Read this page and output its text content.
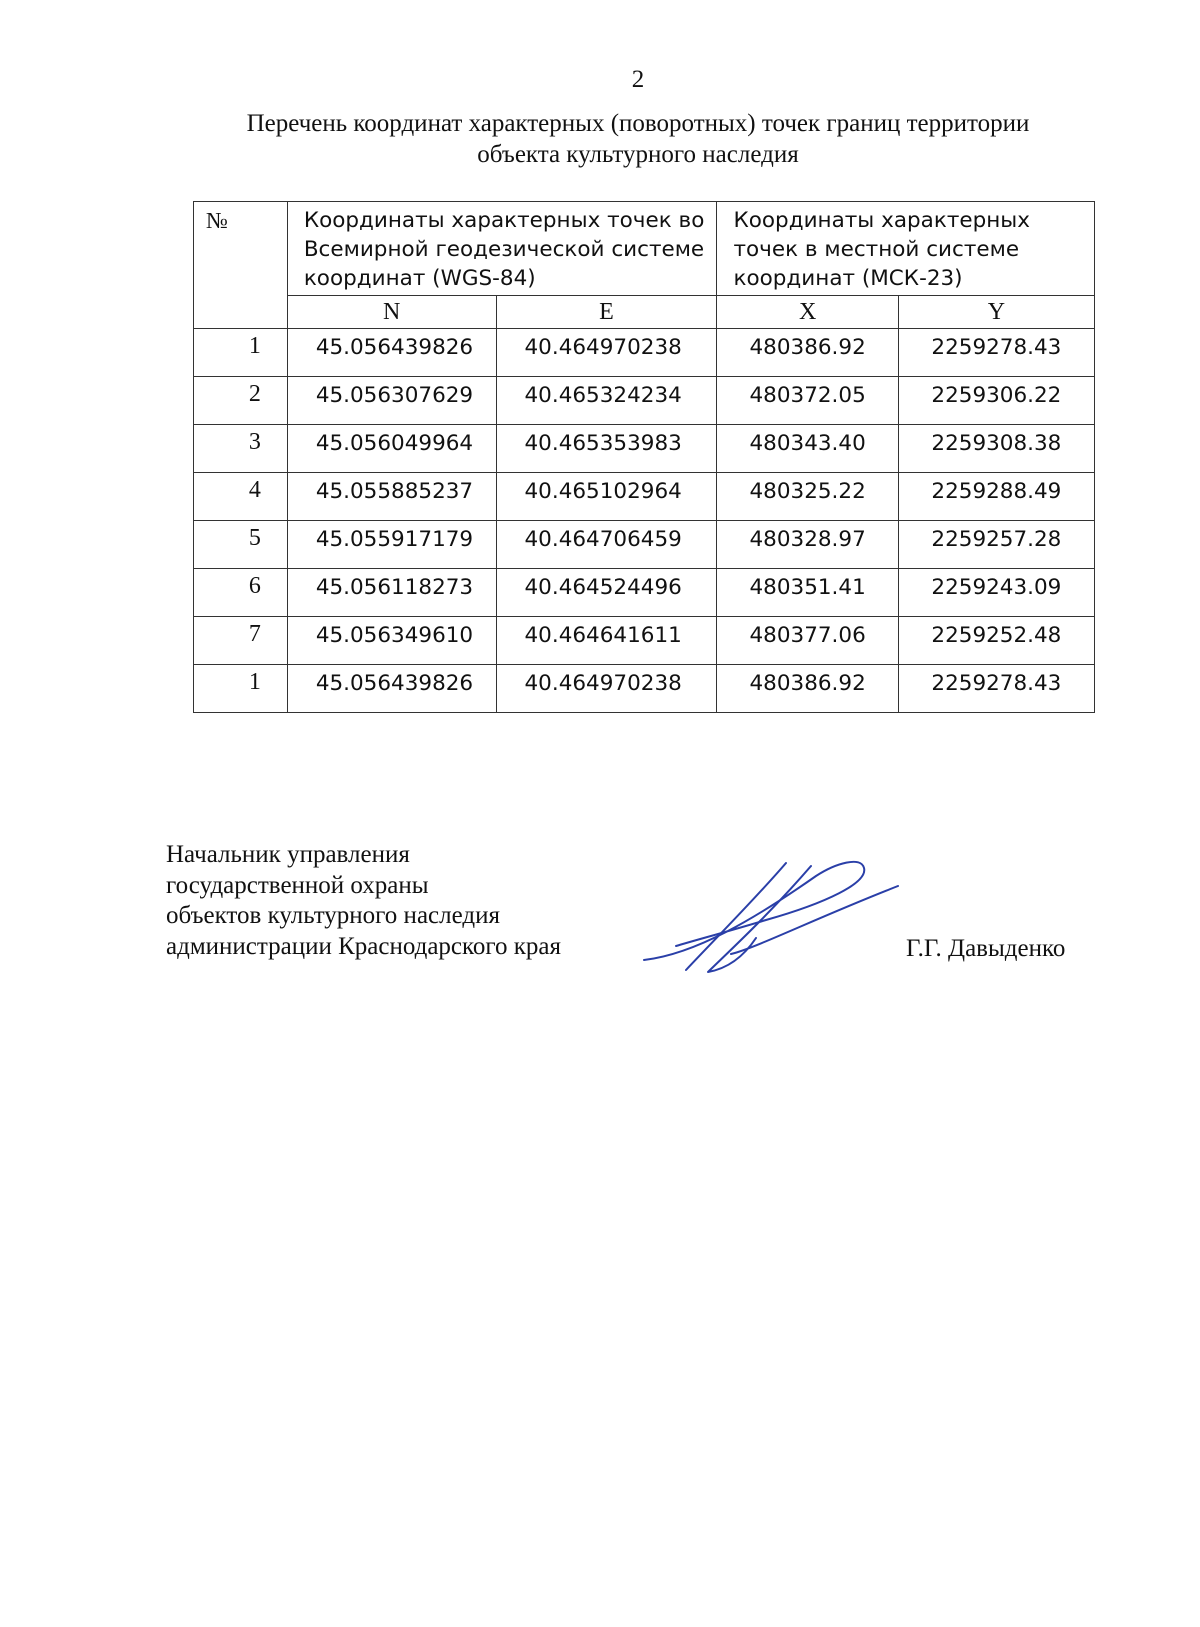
2
Перечень координат характерных (поворотных) точек границ территории
объекта культурного наследия
№	Координаты характерных точек во Всемирной геодезической системе координат (WGS-84)		Координаты характерных точек в местной системе координат (МСК-23)	
	N	E	X	Y
1	45.056439826	40.464970238	480386.92	2259278.43
2	45.056307629	40.465324234	480372.05	2259306.22
3	45.056049964	40.465353983	480343.40	2259308.38
4	45.055885237	40.465102964	480325.22	2259288.49
5	45.055917179	40.464706459	480328.97	2259257.28
6	45.056118273	40.464524496	480351.41	2259243.09
7	45.056349610	40.464641611	480377.06	2259252.48
1	45.056439826	40.464970238	480386.92	2259278.43
Начальник управления
государственной охраны
объектов культурного наследия
администрации Краснодарского края	Г.Г. Давыденко
